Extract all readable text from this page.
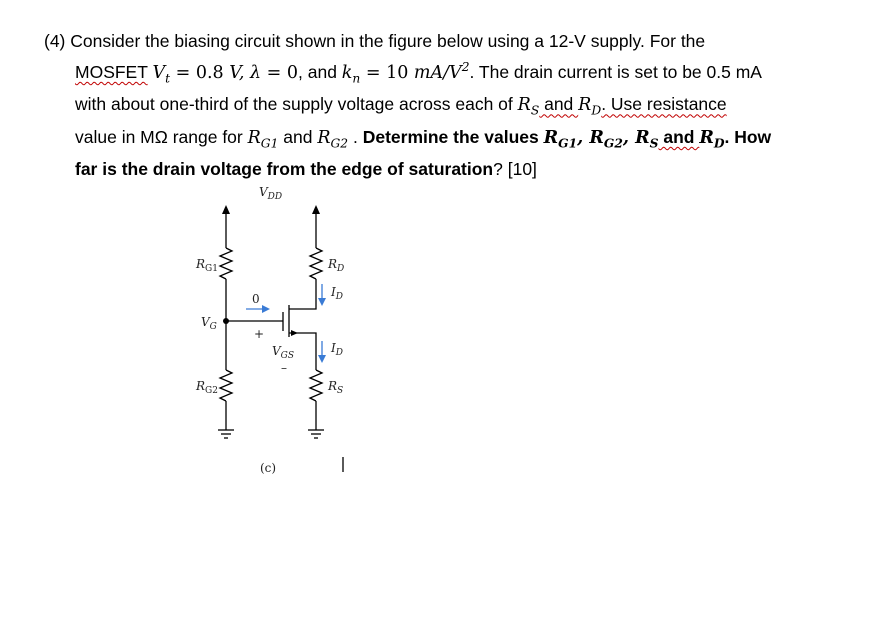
(4) Consider the biasing circuit shown in the figure below using a 12-V supply. For the
MOSFET $V_t = 0.8$ V, λ = 0, and $k_n = 10$ $mA/V^2$. The drain current is set to be 0.5 mA
with about one-third of the supply voltage across each of $R_S$ and $R_D$. Use resistance
value in MΩ range for $R_{G1}$ and $R_{G2}$ . Determine the values $R_{G1}$, $R_{G2}$, $R_S$ and $R_D$. How
far is the drain voltage from the edge of saturation? [10]
$V_{DD}$
$R_{G1}$
$V_G$
$R_{G2}$
0
+
$V_{GS}$
–
$R_D$
$I_D$
$I_D$
$R_S$
(c)
